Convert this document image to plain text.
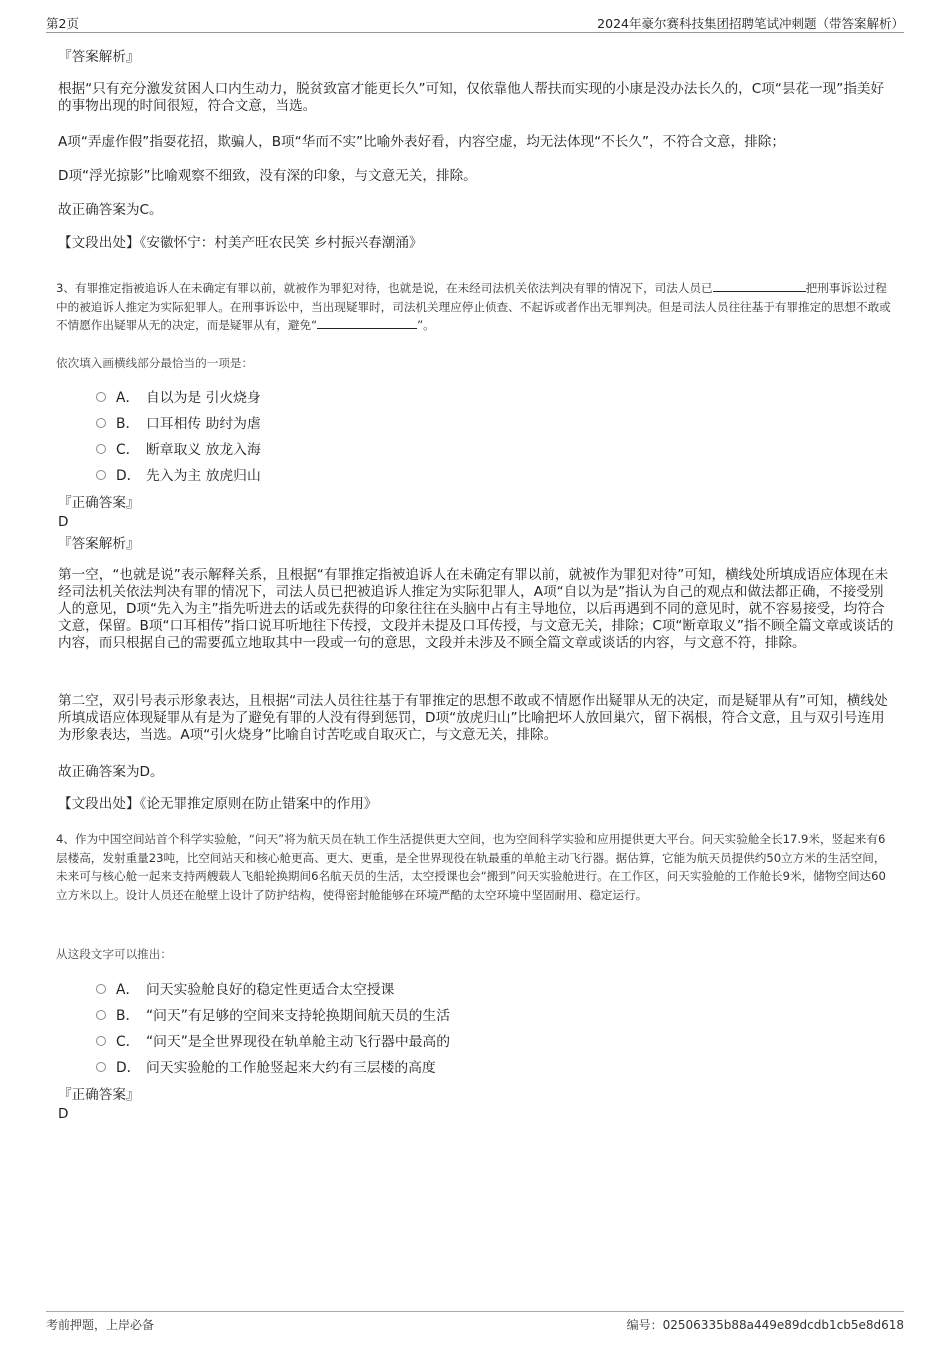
第2页	2024年豪尔赛科技集团招聘笔试冲刺题（带答案解析）
『答案解析』
根据“只有充分激发贫困人口内生动力，脱贫致富才能更长久”可知，仅依靠他人帮扶而实现的小康是没办法长久的，C项“昙花一现”指美好的事物出现的时间很短，符合文意，当选。
A项“弄虚作假”指耍花招，欺骗人，B项“华而不实”比喻外表好看，内容空虚，均无法体现“不长久”，不符合文意，排除；
D项“浮光掠影”比喻观察不细致，没有深的印象，与文意无关，排除。
故正确答案为C。
【文段出处】《安徽怀宁：村美产旺农民笑 乡村振兴春潮涌》
3、有罪推定指被追诉人在未确定有罪以前，就被作为罪犯对待，也就是说，在未经司法机关依法判决有罪的情况下，司法人员已	把刑事诉讼过程中的被追诉人推定为实际犯罪人。在刑事诉讼中，当出现疑罪时，司法机关理应停止侦查、不起诉或者作出无罪判决。但是司法人员往往基于有罪推定的思想不敢或不情愿作出疑罪从无的决定，而是疑罪从有，避免“	”。
依次填入画横线部分最恰当的一项是：
A． 自以为是 引火烧身
B． 口耳相传 助纣为虐
C． 断章取义 放龙入海
D． 先入为主 放虎归山
『正确答案』
D
『答案解析』
第一空，“也就是说”表示解释关系，且根据“有罪推定指被追诉人在未确定有罪以前，就被作为罪犯对待”可知，横线处所填成语应体现在未经司法机关依法判决有罪的情况下，司法人员已把被追诉人推定为实际犯罪人，A项“自以为是”指认为自己的观点和做法都正确，不接受别人的意见，D项“先入为主”指先听进去的话或先获得的印象往往在头脑中占有主导地位，以后再遇到不同的意见时，就不容易接受，均符合文意，保留。B项“口耳相传”指口说耳听地往下传授，文段并未提及口耳传授，与文意无关，排除；C项“断章取义”指不顾全篇文章或谈话的内容，而只根据自己的需要孤立地取其中一段或一句的意思，文段并未涉及不顾全篇文章或谈话的内容，与文意不符，排除。
第二空，双引号表示形象表达，且根据“司法人员往往基于有罪推定的思想不敢或不情愿作出疑罪从无的决定，而是疑罪从有”可知，横线处所填成语应体现疑罪从有是为了避免有罪的人没有得到惩罚，D项“放虎归山”比喻把坏人放回巢穴，留下祸根，符合文意，且与双引号连用为形象表达，当选。A项“引火烧身”比喻自讨苦吃或自取灭亡，与文意无关，排除。
故正确答案为D。
【文段出处】《论无罪推定原则在防止错案中的作用》
4、作为中国空间站首个科学实验舱，“问天”将为航天员在轨工作生活提供更大空间，也为空间科学实验和应用提供更大平台。问天实验舱全长17.9米，竖起来有6层楼高，发射重量23吨，比空间站天和核心舱更高、更大、更重，是全世界现役在轨最重的单舱主动飞行器。据估算，它能为航天员提供约50立方米的生活空间，未来可与核心舱一起来支持两艘载人飞船轮换期间6名航天员的生活，太空授课也会“搬到”问天实验舱进行。在工作区，问天实验舱的工作舱长9米，储物空间达60立方米以上。设计人员还在舱壁上设计了防护结构，使得密封舱能够在环境严酷的太空环境中坚固耐用、稳定运行。
从这段文字可以推出：
A． 问天实验舱良好的稳定性更适合太空授课
B． “问天”有足够的空间来支持轮换期间航天员的生活
C． “问天”是全世界现役在轨单舱主动飞行器中最高的
D． 问天实验舱的工作舱竖起来大约有三层楼的高度
『正确答案』
D
考前押题，上岸必备	编号：02506335b88a449e89dcdb1cb5e8d618
